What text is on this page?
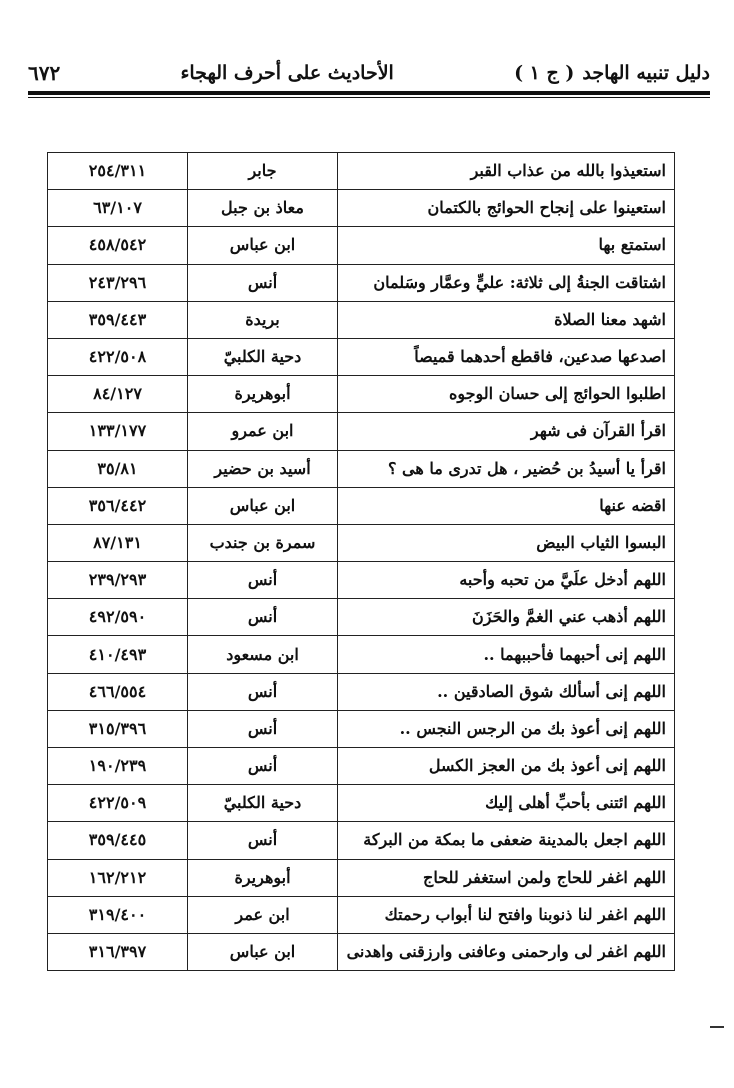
دليل تنبيه الهاجد
( ج ١ )
الأحاديث على أحرف الهجاء
٦٧٢
استعيذوا بالله من عذاب القبر	جابر	٢٥٤/٣١١
استعينوا على إنجاح الحوائج بالكتمان	معاذ بن جبل	٦٣/١٠٧
استمتع بها	ابن عباس	٤٥٨/٥٤٢
اشتاقت الجنةُ إلى ثلاثة: عليٍّ وعمَّار وسَلمان	أنس	٢٤٣/٢٩٦
اشهد معنا الصلاة	بريدة	٣٥٩/٤٤٣
اصدعها صدعين، فاقطع أحدهما قميصاً	دحية الكلبيّ	٤٢٢/٥٠٨
اطلبوا الحوائج إلى حسان الوجوه	أبوهريرة	٨٤/١٢٧
اقرأ القرآن فى شهر	ابن عمرو	١٣٣/١٧٧
اقرأ يا أسيدُ بن حُضير ، هل تدرى ما هى ؟	أسيد بن حضير	٣٥/٨١
اقضه عنها	ابن عباس	٣٥٦/٤٤٢
البسوا الثياب البيض	سمرة بن جندب	٨٧/١٣١
اللهم أدخل علَيَّ من تحبه وأحبه	أنس	٢٣٩/٢٩٣
اللهم أذهب عني الغمَّ والحَزَنَ	أنس	٤٩٢/٥٩٠
اللهم إنى أحبهما فأحببهما ..	ابن مسعود	٤١٠/٤٩٣
اللهم إنى أسألك شوق الصادقين ..	أنس	٤٦٦/٥٥٤
اللهم إنى أعوذ بك من الرجس النجس ..	أنس	٣١٥/٣٩٦
اللهم إنى أعوذ بك من العجز الكسل	أنس	١٩٠/٢٣٩
اللهم ائتنى بأحبِّ أهلى إليك	دحية الكلبيّ	٤٢٢/٥٠٩
اللهم اجعل بالمدينة ضعفى ما بمكة من البركة	أنس	٣٥٩/٤٤٥
اللهم اغفر للحاج ولمن استغفر للحاج	أبوهريرة	١٦٢/٢١٢
اللهم اغفر لنا ذنوبنا وافتح لنا أبواب رحمتك	ابن عمر	٣١٩/٤٠٠
اللهم اغفر لى وارحمنى وعافنى وارزقنى واهدنى	ابن عباس	٣١٦/٣٩٧
